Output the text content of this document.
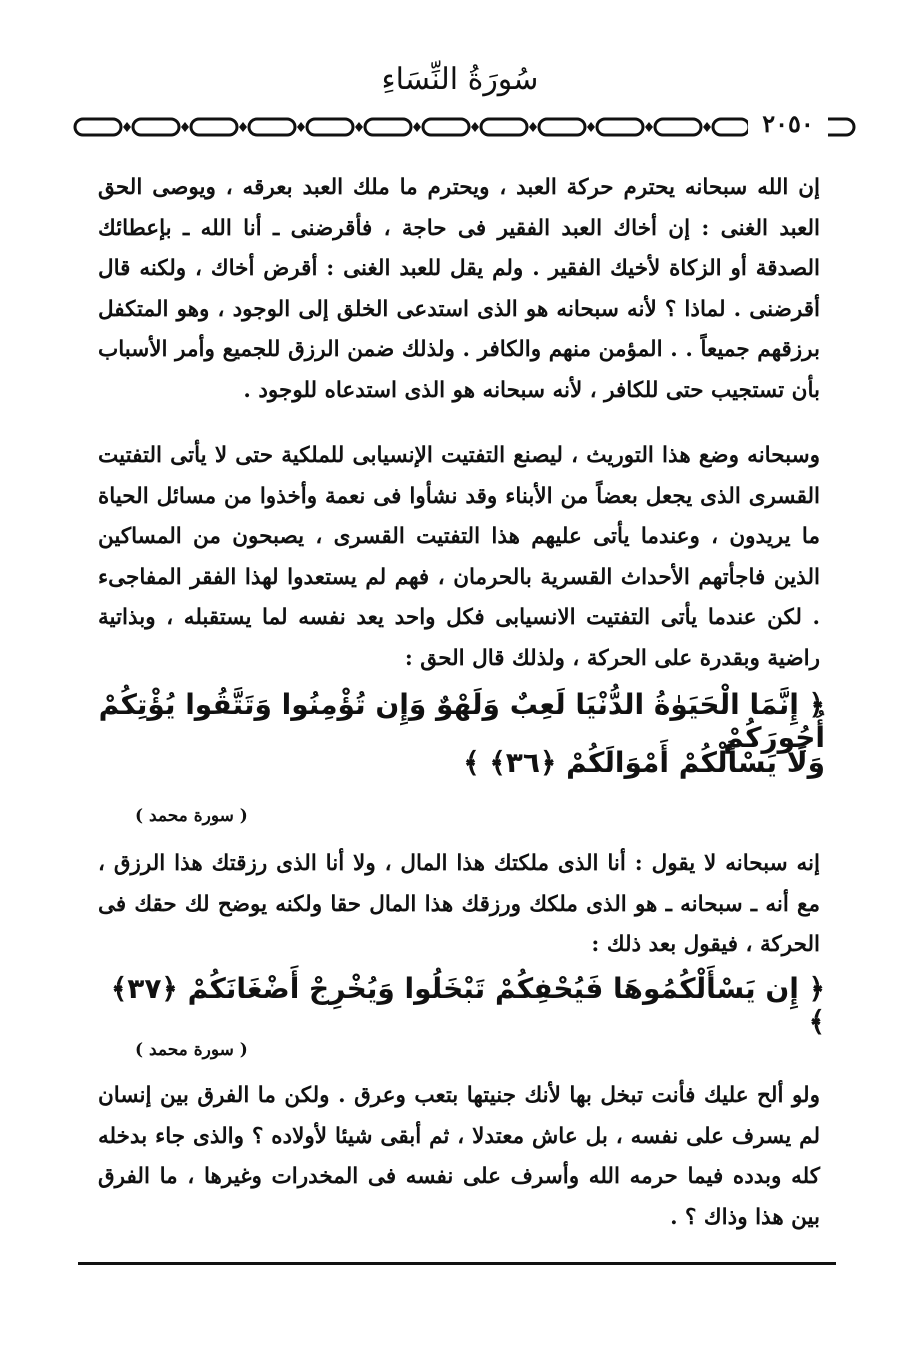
سُورَةُ النِّسَاءِ
٢٠٥٠
إن الله سبحانه يحترم حركة العبد ، ويحترم ما ملك العبد بعرقه ، ويوصى الحق العبد الغنى : إن أخاك العبد الفقير فى حاجة ، فأقرضنى ـ أنا الله ـ بإعطائك الصدقة أو الزكاة لأخيك الفقير . ولم يقل للعبد الغنى : أقرض أخاك ، ولكنه قال أقرضنى . لماذا ؟ لأنه سبحانه هو الذى استدعى الخلق إلى الوجود ، وهو المتكفل برزقهم جميعاً . . المؤمن منهم والكافر . ولذلك ضمن الرزق للجميع وأمر الأسباب بأن تستجيب حتى للكافر ، لأنه سبحانه هو الذى استدعاه للوجود .
وسبحانه وضع هذا التوريث ، ليصنع التفتيت الإنسيابى للملكية حتى لا يأتى التفتيت القسرى الذى يجعل بعضاً من الأبناء وقد نشأوا فى نعمة وأخذوا من مسائل الحياة ما يريدون ، وعندما يأتى عليهم هذا التفتيت القسرى ، يصبحون من المساكين الذين فاجأتهم الأحداث القسرية بالحرمان ، فهم لم يستعدوا لهذا الفقر المفاجىء . لكن عندما يأتى التفتيت الانسيابى فكل واحد يعد نفسه لما يستقبله ، وبذاتية راضية وبقدرة على الحركة ، ولذلك قال الحق :
﴿ إِنَّمَا الْحَيَوٰةُ الدُّنْيَا لَعِبٌ وَلَهْوٌ وَإِن تُؤْمِنُوا وَتَتَّقُوا يُؤْتِكُمْ أُجُورَكُمْ
وَلَا يَسْأَلْكُمْ أَمْوَالَكُمْ ﴿٣٦﴾ ﴾
( سورة محمد )
إنه سبحانه لا يقول : أنا الذى ملكتك هذا المال ، ولا أنا الذى رزقتك هذا الرزق ، مع أنه ـ سبحانه ـ هو الذى ملكك ورزقك هذا المال حقا ولكنه يوضح لك حقك فى الحركة ، فيقول بعد ذلك :
﴿ إِن يَسْأَلْكُمُوهَا فَيُحْفِكُمْ تَبْخَلُوا وَيُخْرِجْ أَضْغَانَكُمْ ﴿٣٧﴾ ﴾
( سورة محمد )
ولو ألح عليك فأنت تبخل بها لأنك جنيتها بتعب وعرق . ولكن ما الفرق بين إنسان لم يسرف على نفسه ، بل عاش معتدلا ، ثم أبقى شيئا لأولاده ؟ والذى جاء بدخله كله وبدده فيما حرمه الله وأسرف على نفسه فى المخدرات وغيرها ، ما الفرق بين هذا وذاك ؟ .
